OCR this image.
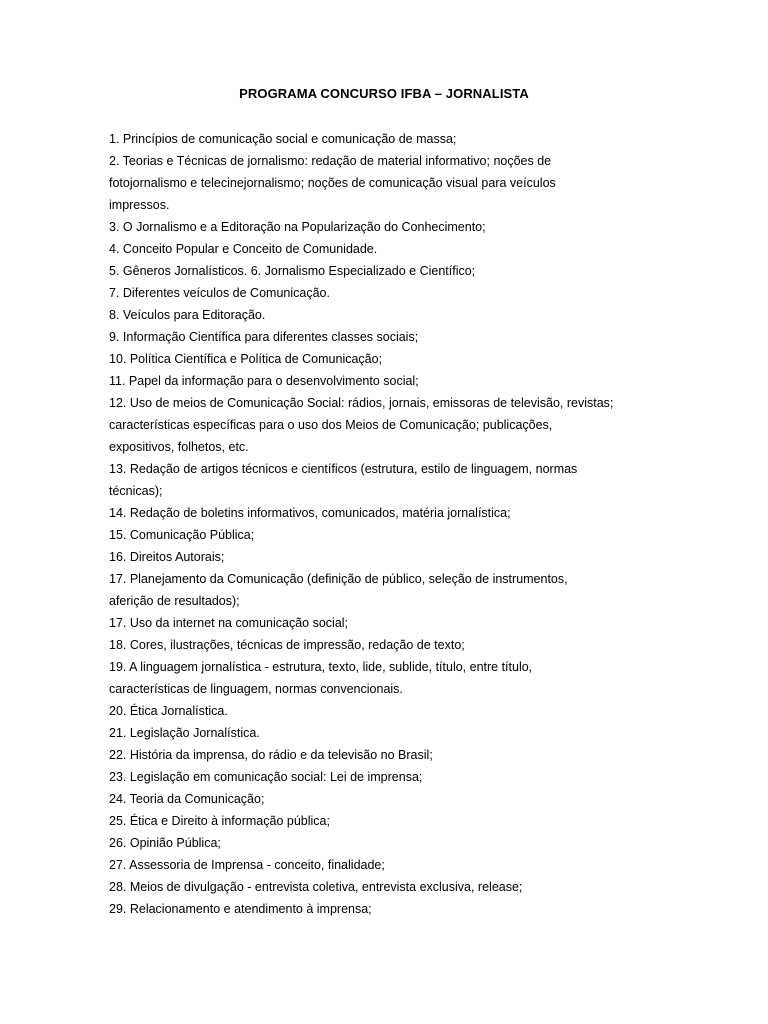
PROGRAMA CONCURSO IFBA – JORNALISTA
1. Princípios de comunicação social e comunicação de massa;
2. Teorias e Técnicas de jornalismo: redação de material informativo; noções de
fotojornalismo e telecinejornalismo; noções de comunicação visual para veículos
impressos.
3. O Jornalismo e a Editoração na Popularização do Conhecimento;
4. Conceito Popular e Conceito de Comunidade.
5. Gêneros Jornalísticos. 6. Jornalismo Especializado e Científico;
7. Diferentes veículos de Comunicação.
8. Veículos para Editoração.
9. Informação Científica para diferentes classes sociais;
10. Política Científica e Política de Comunicação;
11. Papel da informação para o desenvolvimento social;
12. Uso de meios de Comunicação Social: rádios, jornais, emissoras de televisão, revistas;
características específicas para o uso dos Meios de Comunicação; publicações,
expositivos, folhetos, etc.
13. Redação de artigos técnicos e científicos (estrutura, estilo de linguagem, normas
técnicas);
14. Redação de boletins informativos, comunicados, matéria jornalística;
15. Comunicação Pública;
16. Direitos Autorais;
17. Planejamento da Comunicação (definição de público, seleção de instrumentos,
aferição de resultados);
17. Uso da internet na comunicação social;
18. Cores, ilustrações, técnicas de impressão, redação de texto;
19. A linguagem jornalística - estrutura, texto, lide, sublide, título, entre título,
características de linguagem, normas convencionais.
20. Ética Jornalística.
21. Legislação Jornalística.
22. História da imprensa, do rádio e da televisão no Brasil;
23. Legislação em comunicação social: Lei de imprensa;
24. Teoria da Comunicação;
25. Ética e Direito à informação pública;
26. Opinião Pública;
27. Assessoria de Imprensa - conceito, finalidade;
28. Meios de divulgação - entrevista coletiva, entrevista exclusiva, release;
29. Relacionamento e atendimento à imprensa;
